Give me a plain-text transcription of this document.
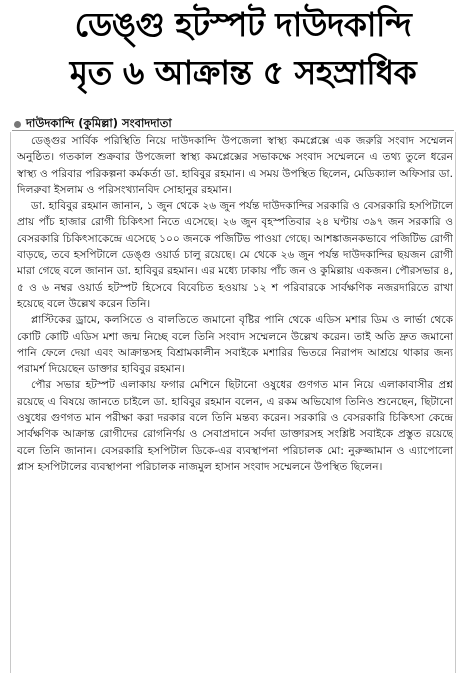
ডেঙ্গু হটস্পট দাউদকান্দি
মৃত ৬ আক্রান্ত ৫ সহস্রাধিক
দাউদকান্দি (কুমিল্লা) সংবাদদাতা

ডেঙ্গুর সার্বিক পরিস্থিতি নিয়ে দাউদকান্দি উপজেলা স্বাস্থ্য কমপ্লেক্সে এক জরুরি সংবাদ সম্মেলন অনুষ্ঠিত। গতকাল শুক্রবার উপজেলা স্বাস্থ্য কমপ্লেক্সের সভাকক্ষে সংবাদ সম্মেলনে এ তথ্য তুলে ধরেন স্বাস্থ্য ও পরিবার পরিকল্পনা কর্মকর্তা ডা. হাবিবুর রহমান। এ সময় উপস্থিত ছিলেন, মেডিক্যাল অফিসার ডা. দিলরুবা ইসলাম ও পরিসংখ্যানবিদ সোহানুর রহমান।

ডা. হাবিবুর রহমান জানান, ১ জুন থেকে ২৬ জুন পর্যন্ত দাউদকান্দির সরকারি ও বেসরকারি হসপিটালে প্রায় পাঁচ হাজার রোগী চিকিৎসা নিতে এসেছে। ২৬ জুন বৃহস্পতিবার ২৪ ঘণ্টায় ৩৯৭ জন সরকারি ও বেসরকারি চিকিৎসাকেন্দ্রে এসেছে ১০০ জনকে পজিটিভ পাওয়া গেছে। আশঙ্কাজনকভাবে পজিটিভ রোগী বাড়ছে, তবে হসপিটালে ডেঙ্গু ওয়ার্ড চালু রয়েছে। মে থেকে ২৬ জুন পর্যন্ত দাউদকান্দির ছয়জন রোগী মারা গেছে বলে জানান ডা. হাবিবুর রহমান। এর মধ্যে ঢাকায় পাঁচ জন ও কুমিল্লায় একজন। পৌরসভার ৪, ৫ ও ৬ নম্বর ওয়ার্ড হটস্পট হিসেবে বিবেচিত হওয়ায় ১২ শ পরিবারকে সার্বক্ষণিক নজরদারিতে রাখা হয়েছে বলে উল্লেখ করেন তিনি।

প্লাস্টিকের ড্রামে, কলসিতে ও বালতিতে জমানো বৃষ্টির পানি থেকে এডিস মশার ডিম ও লার্ভা থেকে কোটি কোটি এডিস মশা জন্ম নিচ্ছে বলে তিনি সংবাদ সম্মেলনে উল্লেখ করেন। তাই অতি দ্রুত জমানো পানি ফেলে দেয়া এবং আক্রান্তসহ বিশ্রামকালীন সবাইকে মশারির ভিতরে নিরাপদ আশ্রয়ে থাকার জন্য পরামর্শ দিয়েছেন ডাক্তার হাবিবুর রহমান।

পৌর সভার হটস্পট এলাকায় ফগার মেশিনে ছিটানো ওষুধের গুণগত মান নিয়ে এলাকাবাসীর প্রশ্ন রয়েছে এ বিষয়ে জানতে চাইলে ডা. হাবিবুর রহমান বলেন, এ রকম অভিযোগ তিনিও শুনেছেন, ছিটানো ওষুধের গুণগত মান পরীক্ষা করা দরকার বলে তিনি মন্তব্য করেন। সরকারি ও বেসরকারি চিকিৎসা কেন্দ্রে সার্বক্ষণিক আক্রান্ত রোগীদের রোগনির্ণয় ও সেবাপ্রদানে সর্বদা ডাক্তারসহ সংশ্লিষ্ট সবাইকে প্রস্তুত রয়েছে বলে তিনি জানান। বেসরকারি হসপিটাল ডিকে-এর ব্যবস্থাপনা পরিচালক মো: নুরুজ্জামান ও এ্যাপোলো প্লাস হসপিটালের ব্যবস্থাপনা পরিচালক নাজমুল হাসান সংবাদ সম্মেলনে উপস্থিত ছিলেন।
